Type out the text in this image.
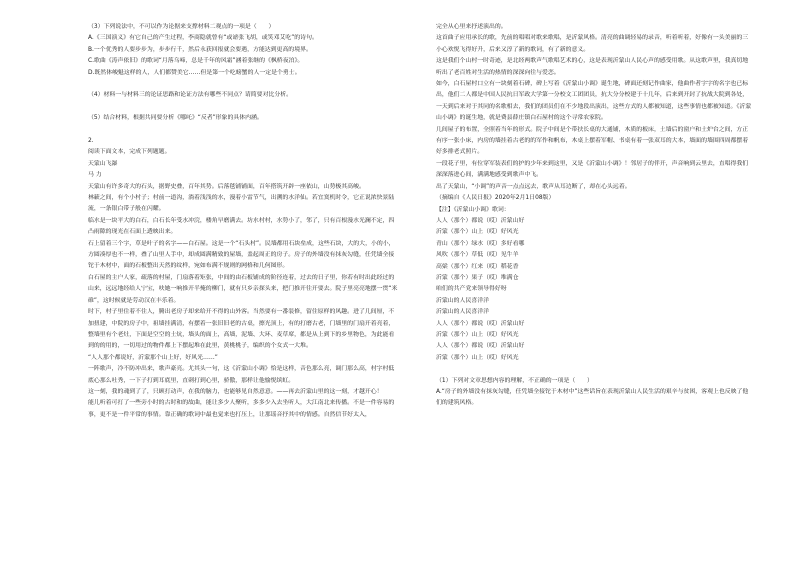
（3）下列说法中，不可以作为论据来支撑材料二观点的一项是（　　）

A.《三国演义》有它自己的产生过程，李商隐就曾有“或谑张飞胡，或笑邓艾吃”的诗句。

B.一个优秀的人要步步为，步步行千，然后永获回报就会要遇，方能达到更高的境界。

C.歌曲《涛声依旧》的歌词“月落乌啼，总是千年的风霜”涵着张继的《枫桥夜泊》。

D.既然体峻魁这样的人，人们都赞美它……但是第一个吃螃蟹的人一定是个勇士。

（4）材料一与材料三的论证思路和论证方法有哪些不同点？请简要对比分析。

（5）结合材料，根据共同要分析《哪吒》“反者”形象的具体内涵。

2.

阅读下面文本，完成下列题题。

天蒙山飞瀑

马 力

天蒙山有许多奇大的石头，据野史叠，百年其势。后落毯铺铺面，百年搭筑开辟一座依山，山势极其高峻。

林簌之间，有个小村子；村前一道沟，淌着浅浅的水，漫着小雷节气，出溯的水洋仙。若宜寞机时令，它正说浓快景陆流，一条银白带子般在闪耀。

临水是一块平大的白石，白石长年受水冲浣，楼角早磨满去。坊水村村，水势小了，邻了，只有百根漫水光澜不定，四凸雨隙的现光在石面上透映出来。

石上留着三个字，草是叶子的名字——白石屋。这是一个“石头村”。民墙都用石块垒成，这些石块，大的大，小的小，方圆凑厚也不一样，叠了山里人手中，却成圆满精致的屋墙，盖起周正的房子。房子的外墙没有抹灰勾缝，任凭墙全接铊于木材中，面的石板整出天然的纹样，宛如布满不规则的网格和几何图形。

白石屋的主户人家，疏落的村屋，门扇落着矩张，中间的由石板铺成的阶径连着，过去的日子里，你若有时出此经过的山来，远远地经给人宁宝，呋她一响推开半掩的柳门，就有只乡亲探头来，把门推开往开要去。院子里亮亮地摆一贯“米碓”，这时候就是劳动汉在丰乐着。

时下，村子里住着不住人，腾出老房子却来给开不得的山外客。当然要有一番装修，留住原样的风趣。进了几间厘，不加扭建，中院的房子中，祖墙挂满清，有摆着一张旧旧老的古桌，擦光顶上，有的打磨古老，门墙里的门扇开着亮着，整墙里有个老灶，下面是空空的土炕，墙头的面上，高墙，泥墙、大环、麦草席，都是从上到下的乡里物色，为此能看到的的用的，一切用过的物件都上下摆起堆在此里，黄桃桃子，编织的个女式一大堆。

“人人那个都说好，沂蒙那个山上好，好风光……”

一阵歌声，冷不防冲出来，歌声豪亮。尤其头一句，这《沂蒙山小调》恰是这样，音色那么亮，调门那么高，村字村低底心那么吐秀，一下子打到耳底里，直刺打到心里，骄傲，那样让他愉悦缤虹。

这一刻，我的魂到了了，只顾打动声，在我的脑力，也能够见自然意意。——再去沂蒙山里的这一刻，才越开心！

能儿听着可打了一些旁小时的古时和的故曲，能让多少人聚听，多多少入去坐听人，大江南北来传播。不是一件容易的事，更不是一件平常的事情。靠正确的歌词中最也觉来也打压上，让那谣音抒其中的情感。自然信节好太入，

完全从心里来抒述演出的。

这首曲子应用承长的歌，先前的唱唱对歌来歌唱，是沂蒙风格。清亮的曲调轻易的录音，听着听着，好像有一头美丽的三小心欢悦飞得好升，后来又淳了新的歌词，有了新的意义。

这是我们个山村一时奇迹，是北经两歌声气歌唱艺术的心，这是表现沂蒙山人民心声的感受用歌。从这歌声里，我真切地听出了老百姓对生活的热情的深深向往与爱恋。

如今，白石屋村口立有一块刻着石碑，碑上写着《沂蒙山小调》诞生地，碑面还刻记作曲家，他曲作者字字的名字也已标出，他们二人都是中国人民抗日军政大学第一分校文工团团员，抗大分分校建于十几年，后来到开封了抗战大院到各处，一天到后来对于其同的名歌相去，我们的团员们在不少地段出演出，这些方式的人都被知道，这些事情也都被知道。《沂蒙山小调》的诞生地，就是费县薛庄镇白石屋村的这个寻常农家院。

几间屋子的布置，全照着当年的形式。院子中间是个带扶长桌的大通铺，木质的板床，土墙后的窗户和土炉台之间，方正有序一张小床，内房的墙挂着古老的的军作和帆布，木桌上摆着军帽、书桌有着一张双耳的大本，墙面的墙围四周都摆着好多排老式照片。

一段花子里，有位穿军装表们的护的少年来到这里，又是《沂蒙山小调》！邻居子的伴开，声音响到云里去，直唱得我们深深落进心间，满满地感受到歌声中飞。

出了天蒙山，“小调”的声音一点点远去，歌声从耳边断了，却在心头远着。

（摘编自《人民日报》2020年2月1日08版）

【注】《沂蒙山小调》歌词：

人人（那个）都说（哎）沂蒙山好

沂蒙（那个）山上（哎）好风光

青山（那个）绿水（哎）多好看哪

风吹（那个）草低（哎）见牛羊

高粱（那个）红来（哎）稻花香

沂蒙（那个）果子（哎）堆满仓

咱们的共产党来领导得好呀

沂蒙山的人民喜洋洋

沂蒙山的人民喜洋洋

人人（那个）都说（哎）沂蒙山好

沂蒙（那个）山上（哎）好风光

人人（那个）都说（哎）沂蒙山好

沂蒙（那个）山上（哎）好风光

（1）下列对文章思想内容的理解，不正确的一项是（　　）

A.“房子的外墙没有抹灰勾缝，任凭墙全接铊于木材中”这些话旨在表现沂蒙山人民生活的艰辛与贫困，客观上也反映了他们的建筑风格。
